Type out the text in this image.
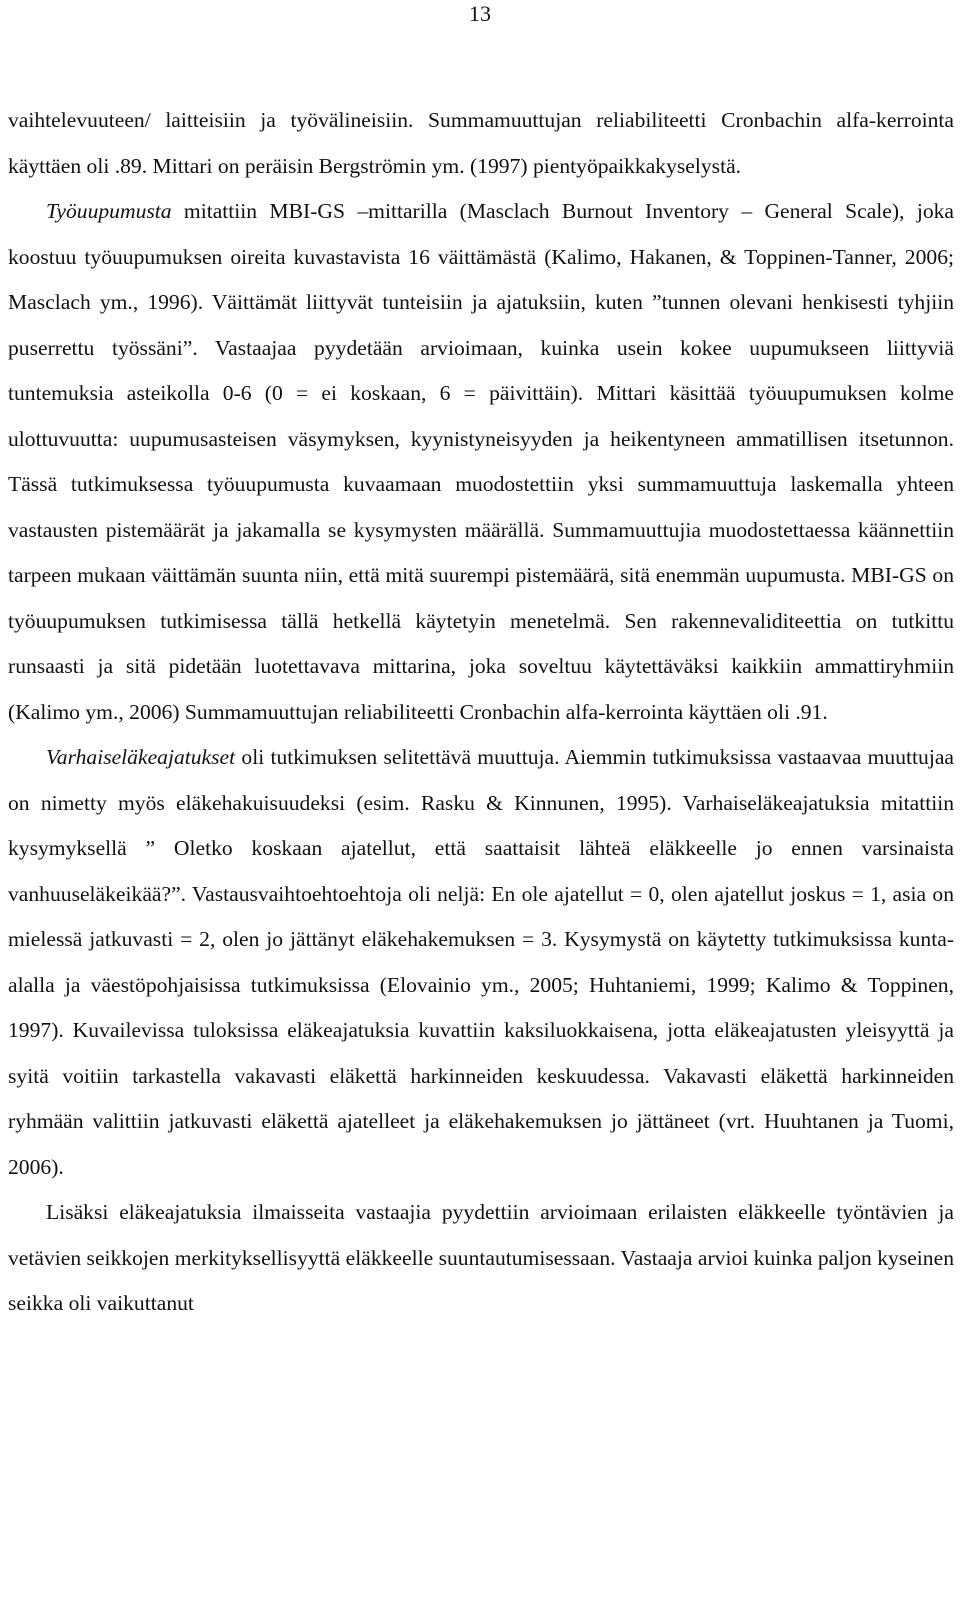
13

vaihtelevuuteen/ laitteisiin ja työvälineisiin. Summamuuttujan reliabiliteetti Cronbachin alfa-kerrointa käyttäen oli .89. Mittari on peräisin Bergströmin ym. (1997) pientyöpaikkakyselystä.

Työuupumusta mitattiin MBI-GS –mittarilla (Masclach Burnout Inventory – General Scale), joka koostuu työuupumuksen oireita kuvastavista 16 väittämästä (Kalimo, Hakanen, & Toppinen-Tanner, 2006; Masclach ym., 1996). Väittämät liittyvät tunteisiin ja ajatuksiin, kuten ”tunnen olevani henkisesti tyhjiin puserrettu työssäni”. Vastaajaa pyydetään arvioimaan, kuinka usein kokee uupumukseen liittyviä tuntemuksia asteikolla 0-6 (0 = ei koskaan, 6 = päivittäin). Mittari käsittää työuupumuksen kolme ulottuvuutta: uupumusasteisen väsymyksen, kyynistyneisyyden ja heikentyneen ammatillisen itsetunnon. Tässä tutkimuksessa työuupumusta kuvaamaan muodostettiin yksi summamuuttuja laskemalla yhteen vastausten pistemäärät ja jakamalla se kysymysten määrällä. Summamuuttujia muodostettaessa käännettiin tarpeen mukaan väittämän suunta niin, että mitä suurempi pistemäärä, sitä enemmän uupumusta. MBI-GS on työuupumuksen tutkimisessa tällä hetkellä käytetyin menetelmä. Sen rakennevaliditeettia on tutkittu runsaasti ja sitä pidetään luotettavava mittarina, joka soveltuu käytettäväksi kaikkiin ammattiryhmiin (Kalimo ym., 2006) Summamuuttujan reliabiliteetti Cronbachin alfa-kerrointa käyttäen oli .91.

Varhaiseläkeajatukset oli tutkimuksen selitettävä muuttuja. Aiemmin tutkimuksissa vastaavaa muuttujaa on nimetty myös eläkehakuisuudeksi (esim. Rasku & Kinnunen, 1995). Varhaiseläkeajatuksia mitattiin kysymyksellä ” Oletko koskaan ajatellut, että saattaisit lähteä eläkkeelle jo ennen varsinaista vanhuuseläkeikää?”. Vastausvaihtoehtoehtoja oli neljä: En ole ajatellut = 0, olen ajatellut joskus = 1, asia on mielessä jatkuvasti = 2, olen jo jättänyt eläkehakemuksen = 3. Kysymystä on käytetty tutkimuksissa kunta-alalla ja väestöpohjaisissa tutkimuksissa (Elovainio ym., 2005; Huhtaniemi, 1999; Kalimo & Toppinen, 1997). Kuvailevissa tuloksissa eläkeajatuksia kuvattiin kaksiluokkaisena, jotta eläkeajatusten yleisyyttä ja syitä voitiin tarkastella vakavasti eläkettä harkinneiden keskuudessa. Vakavasti eläkettä harkinneiden ryhmään valittiin jatkuvasti eläkettä ajatelleet ja eläkehakemuksen jo jättäneet (vrt. Huuhtanen ja Tuomi, 2006).

Lisäksi eläkeajatuksia ilmaisseita vastaajia pyydettiin arvioimaan erilaisten eläkkeelle työntävien ja vetävien seikkojen merkityksellisyyttä eläkkeelle suuntautumisessaan. Vastaaja arvioi kuinka paljon kyseinen seikka oli vaikuttanut
